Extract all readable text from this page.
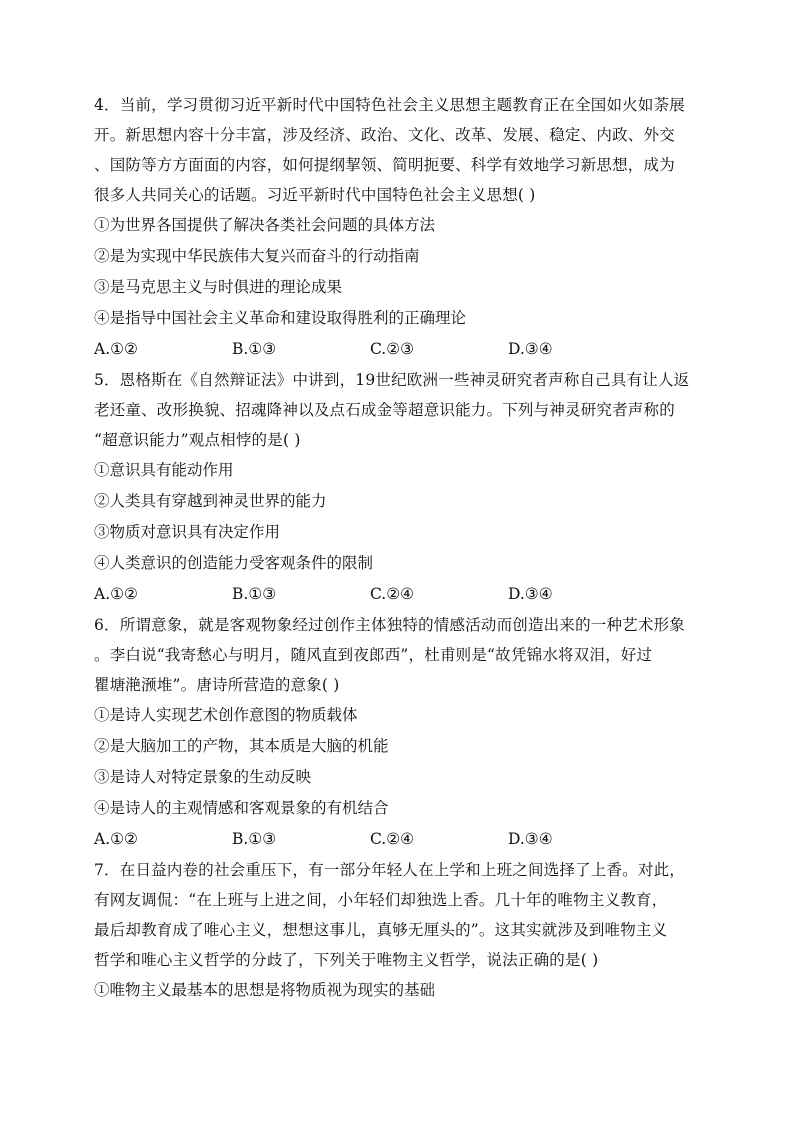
4．当前，学习贯彻习近平新时代中国特色社会主义思想主题教育正在全国如火如荼展
开。新思想内容十分丰富，涉及经济、政治、文化、改革、发展、稳定、内政、外交
、国防等方方面面的内容，如何提纲挈领、简明扼要、科学有效地学习新思想，成为
很多人共同关心的话题。习近平新时代中国特色社会主义思想( )
①为世界各国提供了解决各类社会问题的具体方法
②是为实现中华民族伟大复兴而奋斗的行动指南
③是马克思主义与时俱进的理论成果
④是指导中国社会主义革命和建设取得胜利的正确理论
A.①②	B.①③	C.②③	D.③④
5．恩格斯在《自然辩证法》中讲到，19世纪欧洲一些神灵研究者声称自己具有让人返
老还童、改形换貌、招魂降神以及点石成金等超意识能力。下列与神灵研究者声称的
“超意识能力”观点相悖的是( )
①意识具有能动作用
②人类具有穿越到神灵世界的能力
③物质对意识具有决定作用
④人类意识的创造能力受客观条件的限制
A.①②	B.①③	C.②④	D.③④
6．所谓意象，就是客观物象经过创作主体独特的情感活动而创造出来的一种艺术形象
。李白说“我寄愁心与明月，随风直到夜郎西”，杜甫则是“故凭锦水将双泪，好过
瞿塘滟滪堆”。唐诗所营造的意象( )
①是诗人实现艺术创作意图的物质载体
②是大脑加工的产物，其本质是大脑的机能
③是诗人对特定景象的生动反映
④是诗人的主观情感和客观景象的有机结合
A.①②	B.①③	C.②④	D.③④
7．在日益内卷的社会重压下，有一部分年轻人在上学和上班之间选择了上香。对此，
有网友调侃：“在上班与上进之间，小年轻们却独选上香。几十年的唯物主义教育，
最后却教育成了唯心主义，想想这事儿，真够无厘头的”。这其实就涉及到唯物主义
哲学和唯心主义哲学的分歧了，下列关于唯物主义哲学，说法正确的是( )
①唯物主义最基本的思想是将物质视为现实的基础
